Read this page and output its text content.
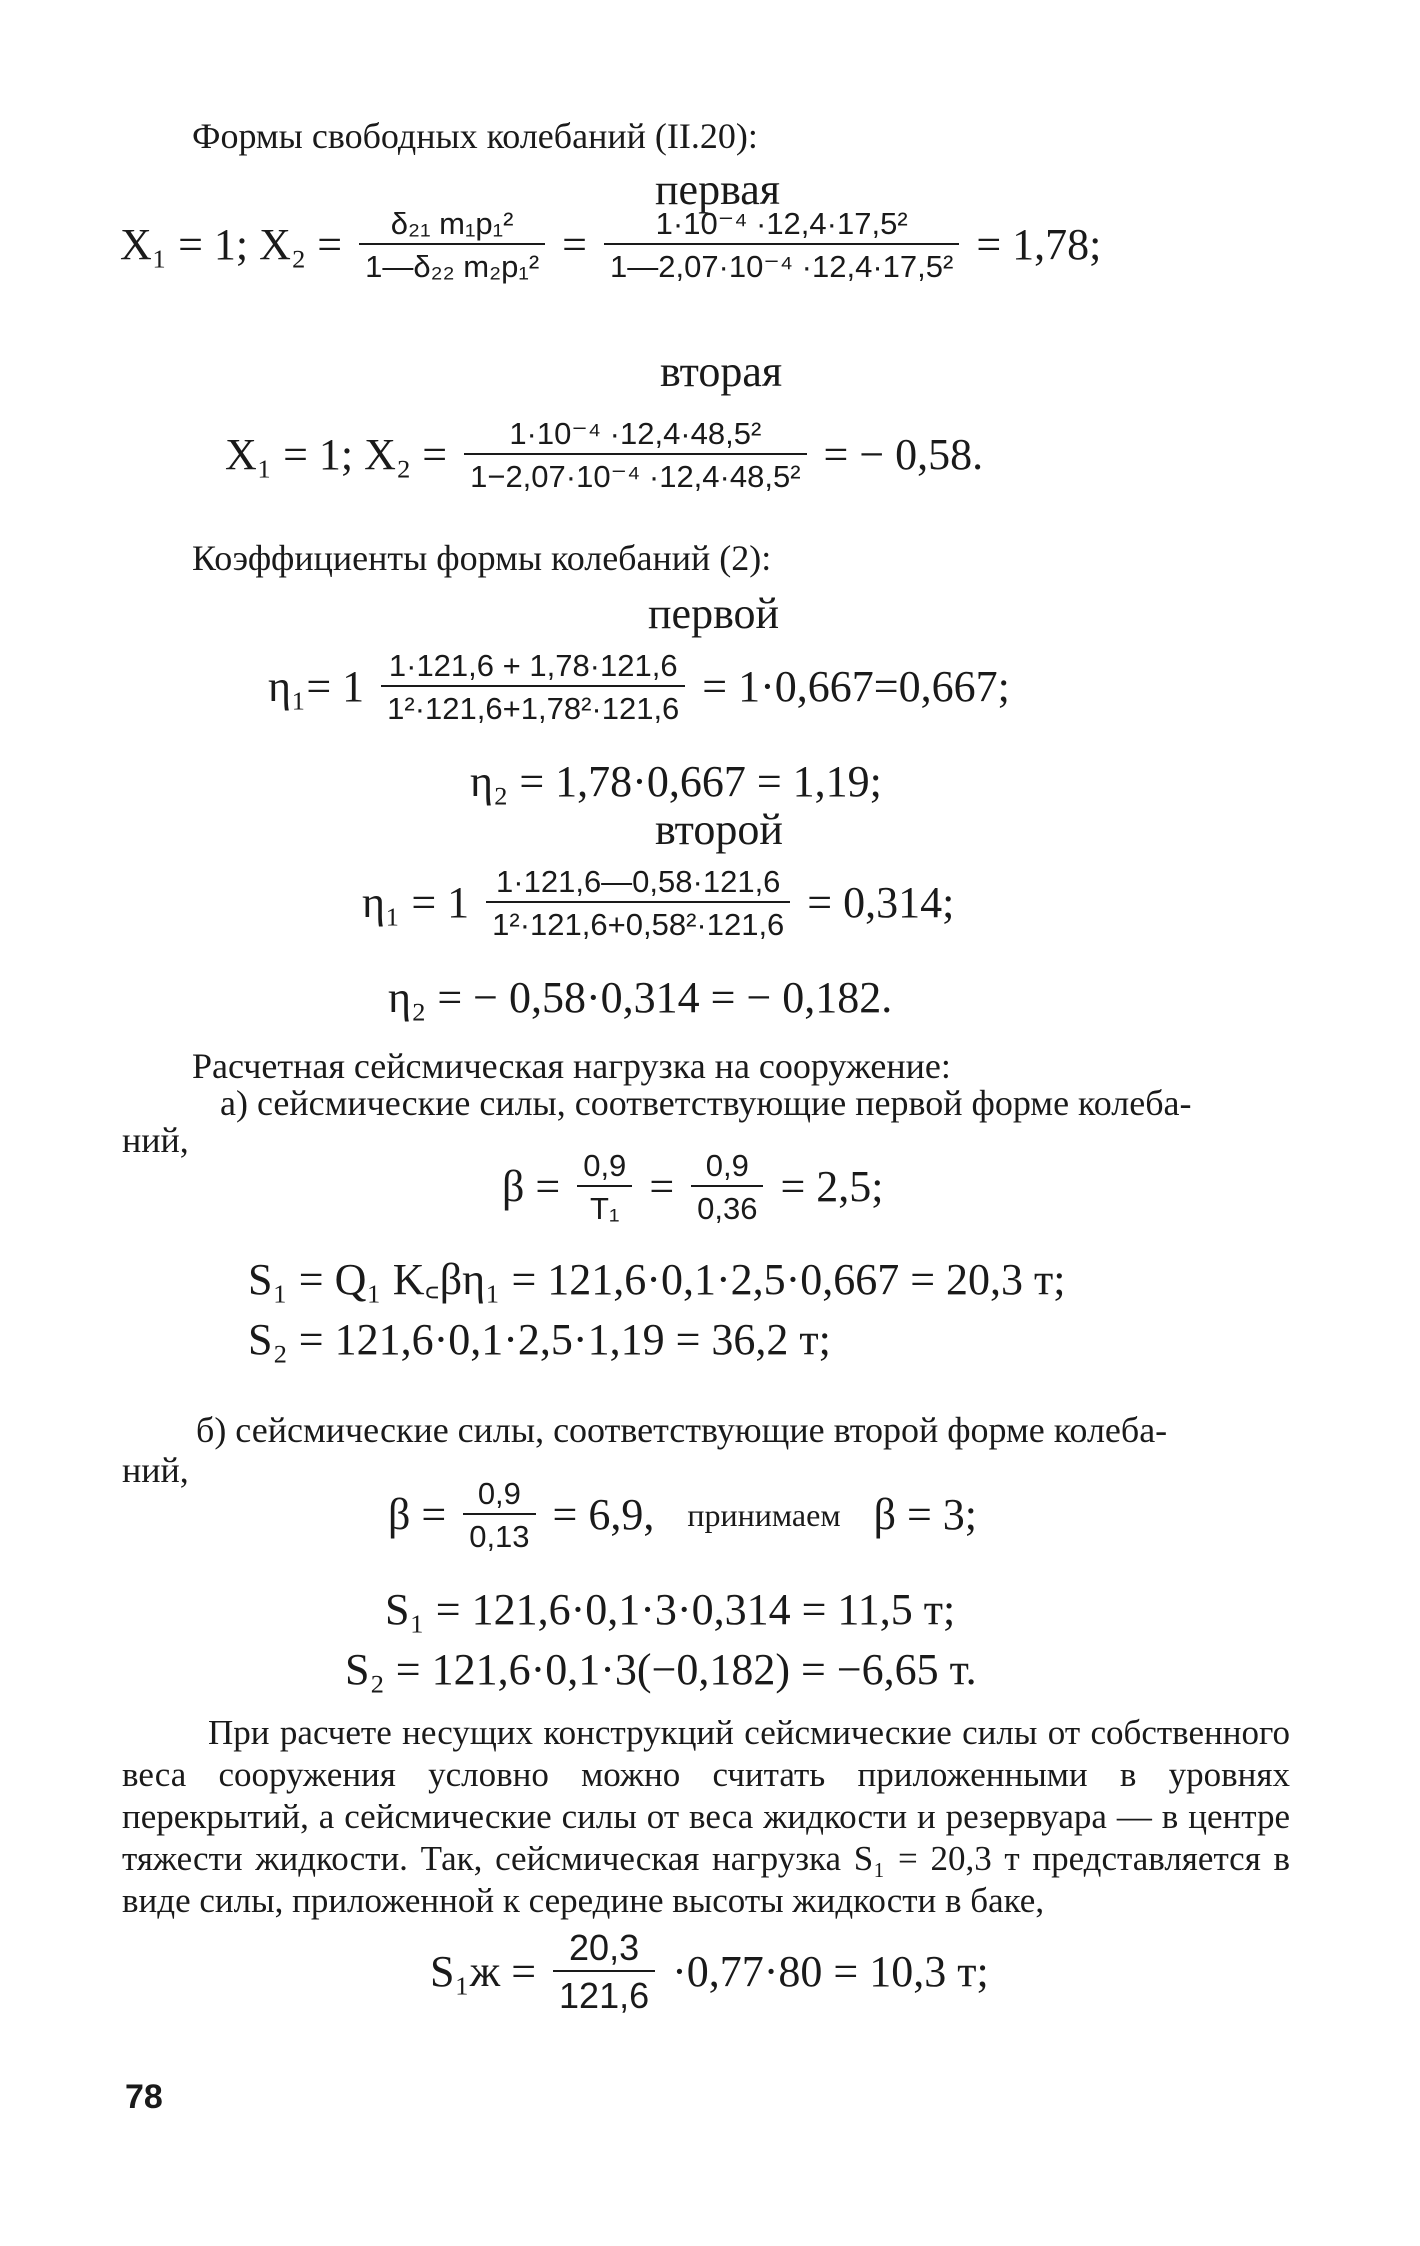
Формы свободных колебаний (II.20):
первая
X₁ = 1; $X_2 = \frac{\text{δ₂₁ m₁p₁²}}{\text{1—δ₂₂ m₂p₁²}} = \frac{\text{1·10⁻⁴ ·12,4·17,5²}}{\text{1—2,07·10⁻⁴ ·12,4·17,5²}} = 1,78$;
вторая
X₁ = 1; $X_2 = \frac{\text{1·10⁻⁴ ·12,4·48,5²}}{\text{1−2,07·10⁻⁴ ·12,4·48,5²}}$ = − 0,58.
Коэффициенты формы колебаний (2):
первой
$\eta_1= 1 \frac{1\cdot 121,6 + 1,78\cdot 121,6}{\text{1²·121,6+1,78²·121,6}} = 1\cdot 0,667=0,667$;
η₂ = 1,78·0,667 = 1,19;
второй
$\eta_1 = 1 \frac{1\cdot 121,6—0,58\cdot 121,6}{\text{1²·121,6+0,58²·121,6}} = 0,314$;
η₂ = − 0,58·0,314 = − 0,182.
Расчетная сейсмическая нагрузка на сооружение:
а) сейсмические силы, соответствующие первой форме колеба-
ний,
$\beta = \frac{0,9}{\text{T₁}} = \frac{0,9}{0,36} = 2,5$;
S₁ = Q₁ K꜀βη₁ = 121,6·0,1·2,5·0,667 = 20,3 т;
S₂ = 121,6·0,1·2,5·1,19 = 36,2 т;
б) сейсмические силы, соответствующие второй форме колеба-
ний,
$\beta = \frac{0,9}{0,13} = 6,9$, принимаем β = 3;
S₁ = 121,6·0,1·3·0,314 = 11,5 т;
S₂ = 121,6·0,1·3(−0,182) = −6,65 т.
При расчете несущих конструкций сейсмические силы от собственного веса сооружения условно можно считать приложенными в уровнях перекрытий, а сейсмические силы от веса жидкости и резервуара — в центре тяжести жидкости. Так, сейсмическая нагрузка S₁ = 20,3 т представляется в виде силы, приложенной к середине высоты жидкости в баке,
$S_1ж = \frac{20,3}{121,6} \cdot 0,77\cdot 80 = 10,3$ т;
78
